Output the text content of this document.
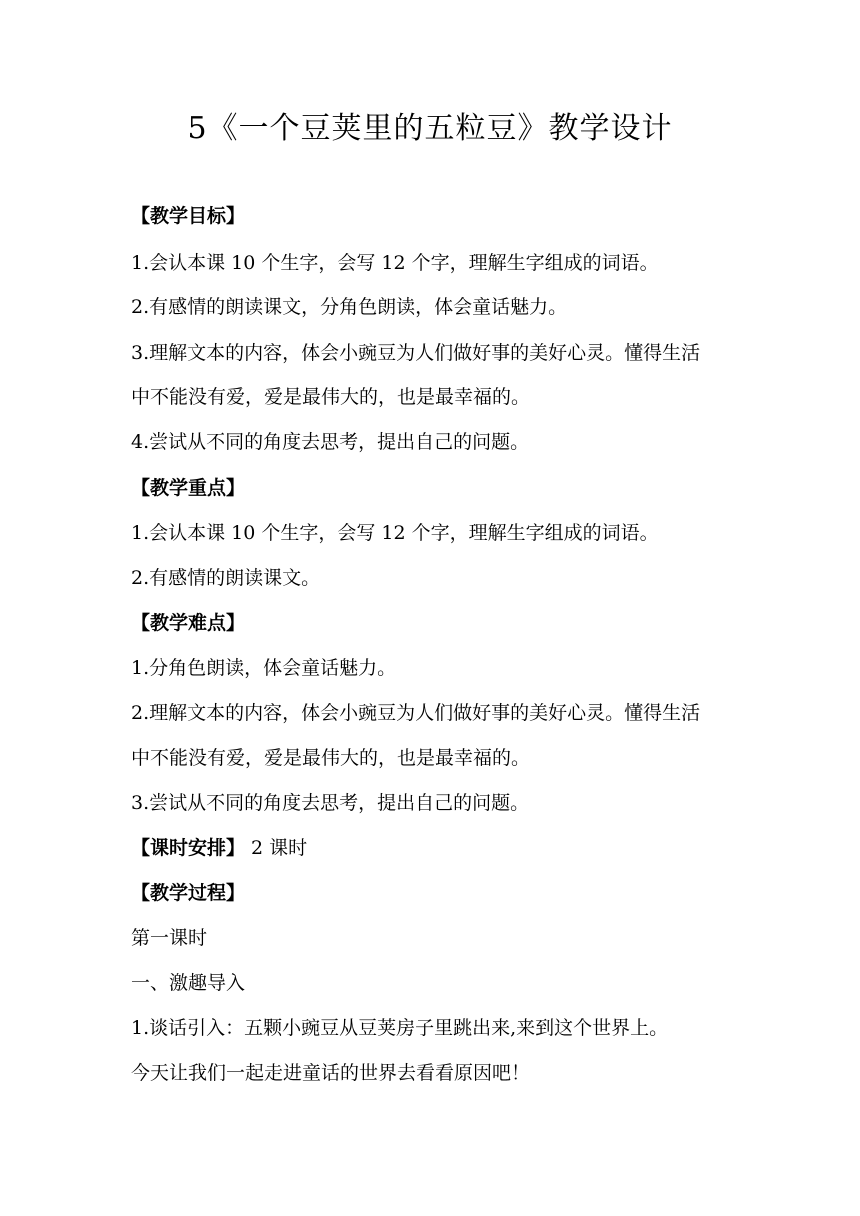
5《一个豆荚里的五粒豆》教学设计
【教学目标】
1.会认本课 10 个生字，会写 12 个字，理解生字组成的词语。
2.有感情的朗读课文，分角色朗读，体会童话魅力。
3.理解文本的内容，体会小豌豆为人们做好事的美好心灵。懂得生活
中不能没有爱，爱是最伟大的，也是最幸福的。
4.尝试从不同的角度去思考，提出自己的问题。
【教学重点】
1.会认本课 10 个生字，会写 12 个字，理解生字组成的词语。
2.有感情的朗读课文。
【教学难点】
1.分角色朗读，体会童话魅力。
2.理解文本的内容，体会小豌豆为人们做好事的美好心灵。懂得生活
中不能没有爱，爱是最伟大的，也是最幸福的。
3.尝试从不同的角度去思考，提出自己的问题。
【课时安排】 2 课时
【教学过程】
第一课时
一、激趣导入
1.谈话引入：五颗小豌豆从豆荚房子里跳出来,来到这个世界上。
今天让我们一起走进童话的世界去看看原因吧！
